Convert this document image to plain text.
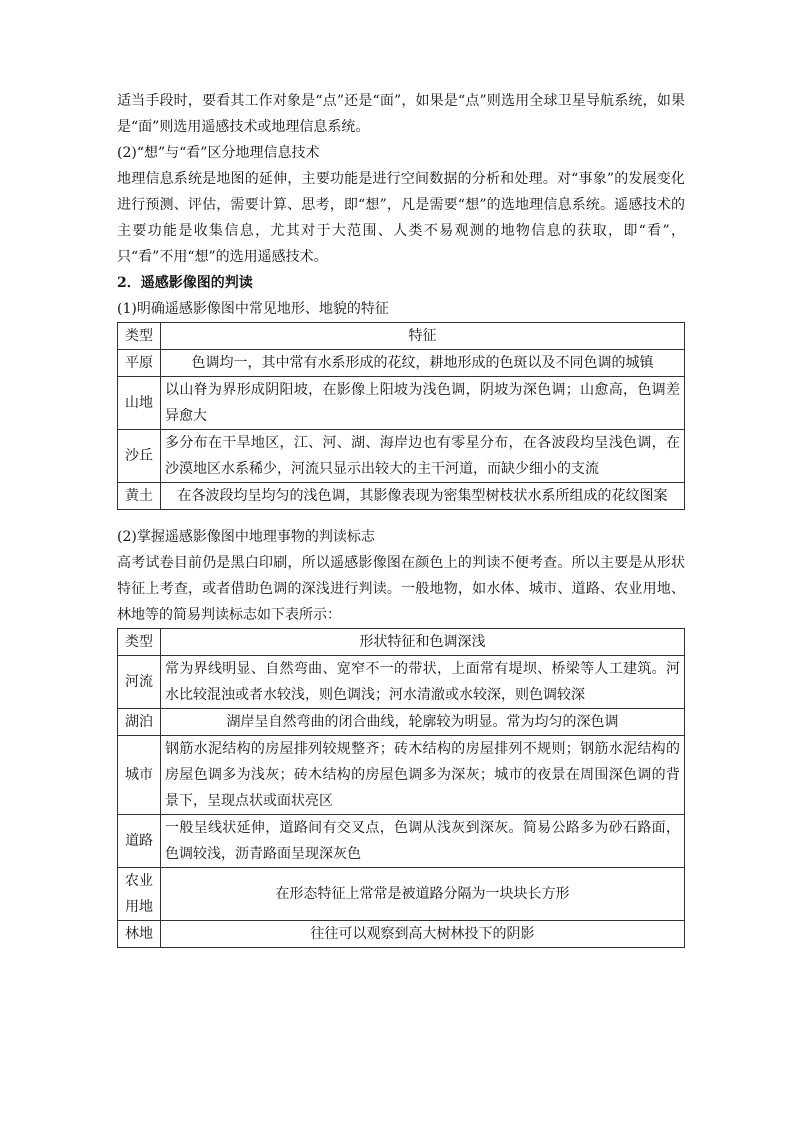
适当手段时，要看其工作对象是“点”还是“面”，如果是“点”则选用全球卫星导航系统，如果是“面”则选用遥感技术或地理信息系统。

(2)“想”与“看”区分地理信息技术

地理信息系统是地图的延伸，主要功能是进行空间数据的分析和处理。对“事象”的发展变化进行预测、评估，需要计算、思考，即“想”，凡是需要“想”的选地理信息系统。遥感技术的主要功能是收集信息，尤其对于大范围、人类不易观测的地物信息的获取，即“看”，只“看”不用“想”的选用遥感技术。

2．遥感影像图的判读

(1)明确遥感影像图中常见地形、地貌的特征

类型	特征
平原	色调均一，其中常有水系形成的花纹，耕地形成的色斑以及不同色调的城镇
山地	以山脊为界形成阴阳坡，在影像上阳坡为浅色调，阴坡为深色调；山愈高，色调差异愈大
沙丘	多分布在干旱地区，江、河、湖、海岸边也有零星分布，在各波段均呈浅色调，在沙漠地区水系稀少，河流只显示出较大的主干河道，而缺少细小的支流
黄土	在各波段均呈均匀的浅色调，其影像表现为密集型树枝状水系所组成的花纹图案

(2)掌握遥感影像图中地理事物的判读标志

高考试卷目前仍是黑白印刷，所以遥感影像图在颜色上的判读不便考查。所以主要是从形状特征上考查，或者借助色调的深浅进行判读。一般地物，如水体、城市、道路、农业用地、林地等的简易判读标志如下表所示：

类型	形状特征和色调深浅
河流	常为界线明显、自然弯曲、宽窄不一的带状，上面常有堤坝、桥梁等人工建筑。河水比较混浊或者水较浅，则色调浅；河水清澈或水较深，则色调较深
湖泊	湖岸呈自然弯曲的闭合曲线，轮廓较为明显。常为均匀的深色调
城市	钢筋水泥结构的房屋排列较规整齐；砖木结构的房屋排列不规则；钢筋水泥结构的房屋色调多为浅灰；砖木结构的房屋色调多为深灰；城市的夜景在周围深色调的背景下，呈现点状或面状亮区
道路	一般呈线状延伸，道路间有交叉点，色调从浅灰到深灰。简易公路多为砂石路面，色调较浅，沥青路面呈现深灰色
农业用地	在形态特征上常常是被道路分隔为一块块长方形
林地	往往可以观察到高大树林投下的阴影
